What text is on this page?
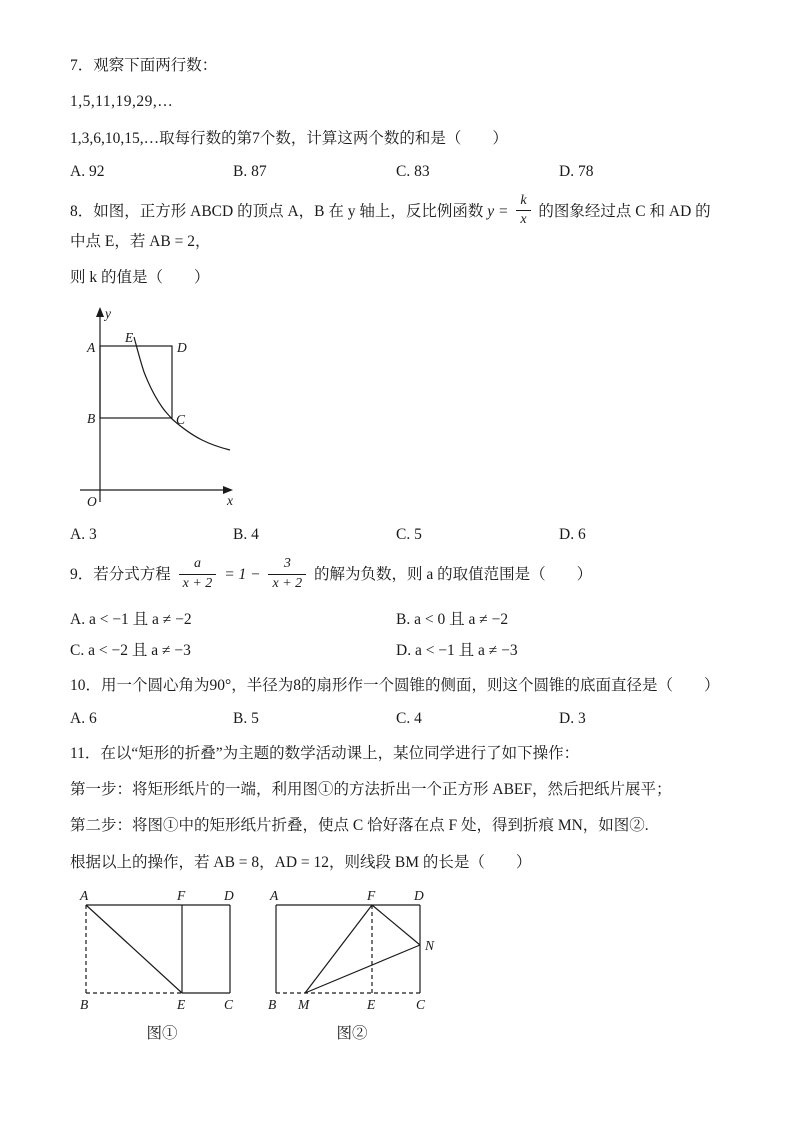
7．观察下面两行数：

1,5,11,19,29,…

1,3,6,10,15,…取每行数的第7个数，计算这两个数的和是（　　）

A. 92	B. 87	C. 83	D. 78

8．如图，正方形 ABCD 的顶点 A，B 在 y 轴上，反比例函数 $y = \frac{k}{x}$ 的图象经过点 C 和 AD 的中点 E，若 AB = 2，

则 k 的值是（　　）

y
x
O
A
B
D
C
E
A. 3	B. 4	C. 5	D. 6

9．若分式方程 $\frac{a}{x + 2} = 1 - \frac{3}{x + 2}$ 的解为负数，则 a 的取值范围是（　　）

A. a < −1 且 a ≠ −2	B. a < 0 且 a ≠ −2
C. a < −2 且 a ≠ −3	D. a < −1 且 a ≠ −3

10．用一个圆心角为90°，半径为8的扇形作一个圆锥的侧面，则这个圆锥的底面直径是（　　）

A. 6	B. 5	C. 4	D. 3

11．在以“矩形的折叠”为主题的数学活动课上，某位同学进行了如下操作：

第一步：将矩形纸片的一端，利用图①的方法折出一个正方形 ABEF，然后把纸片展平；

第二步：将图①中的矩形纸片折叠，使点 C 恰好落在点 F 处，得到折痕 MN，如图②.

根据以上的操作，若 AB = 8，AD = 12，则线段 BM 的长是（　　）

A	F	D
B	E	C
图①
A	F	D
B M	E	C
N
图②
